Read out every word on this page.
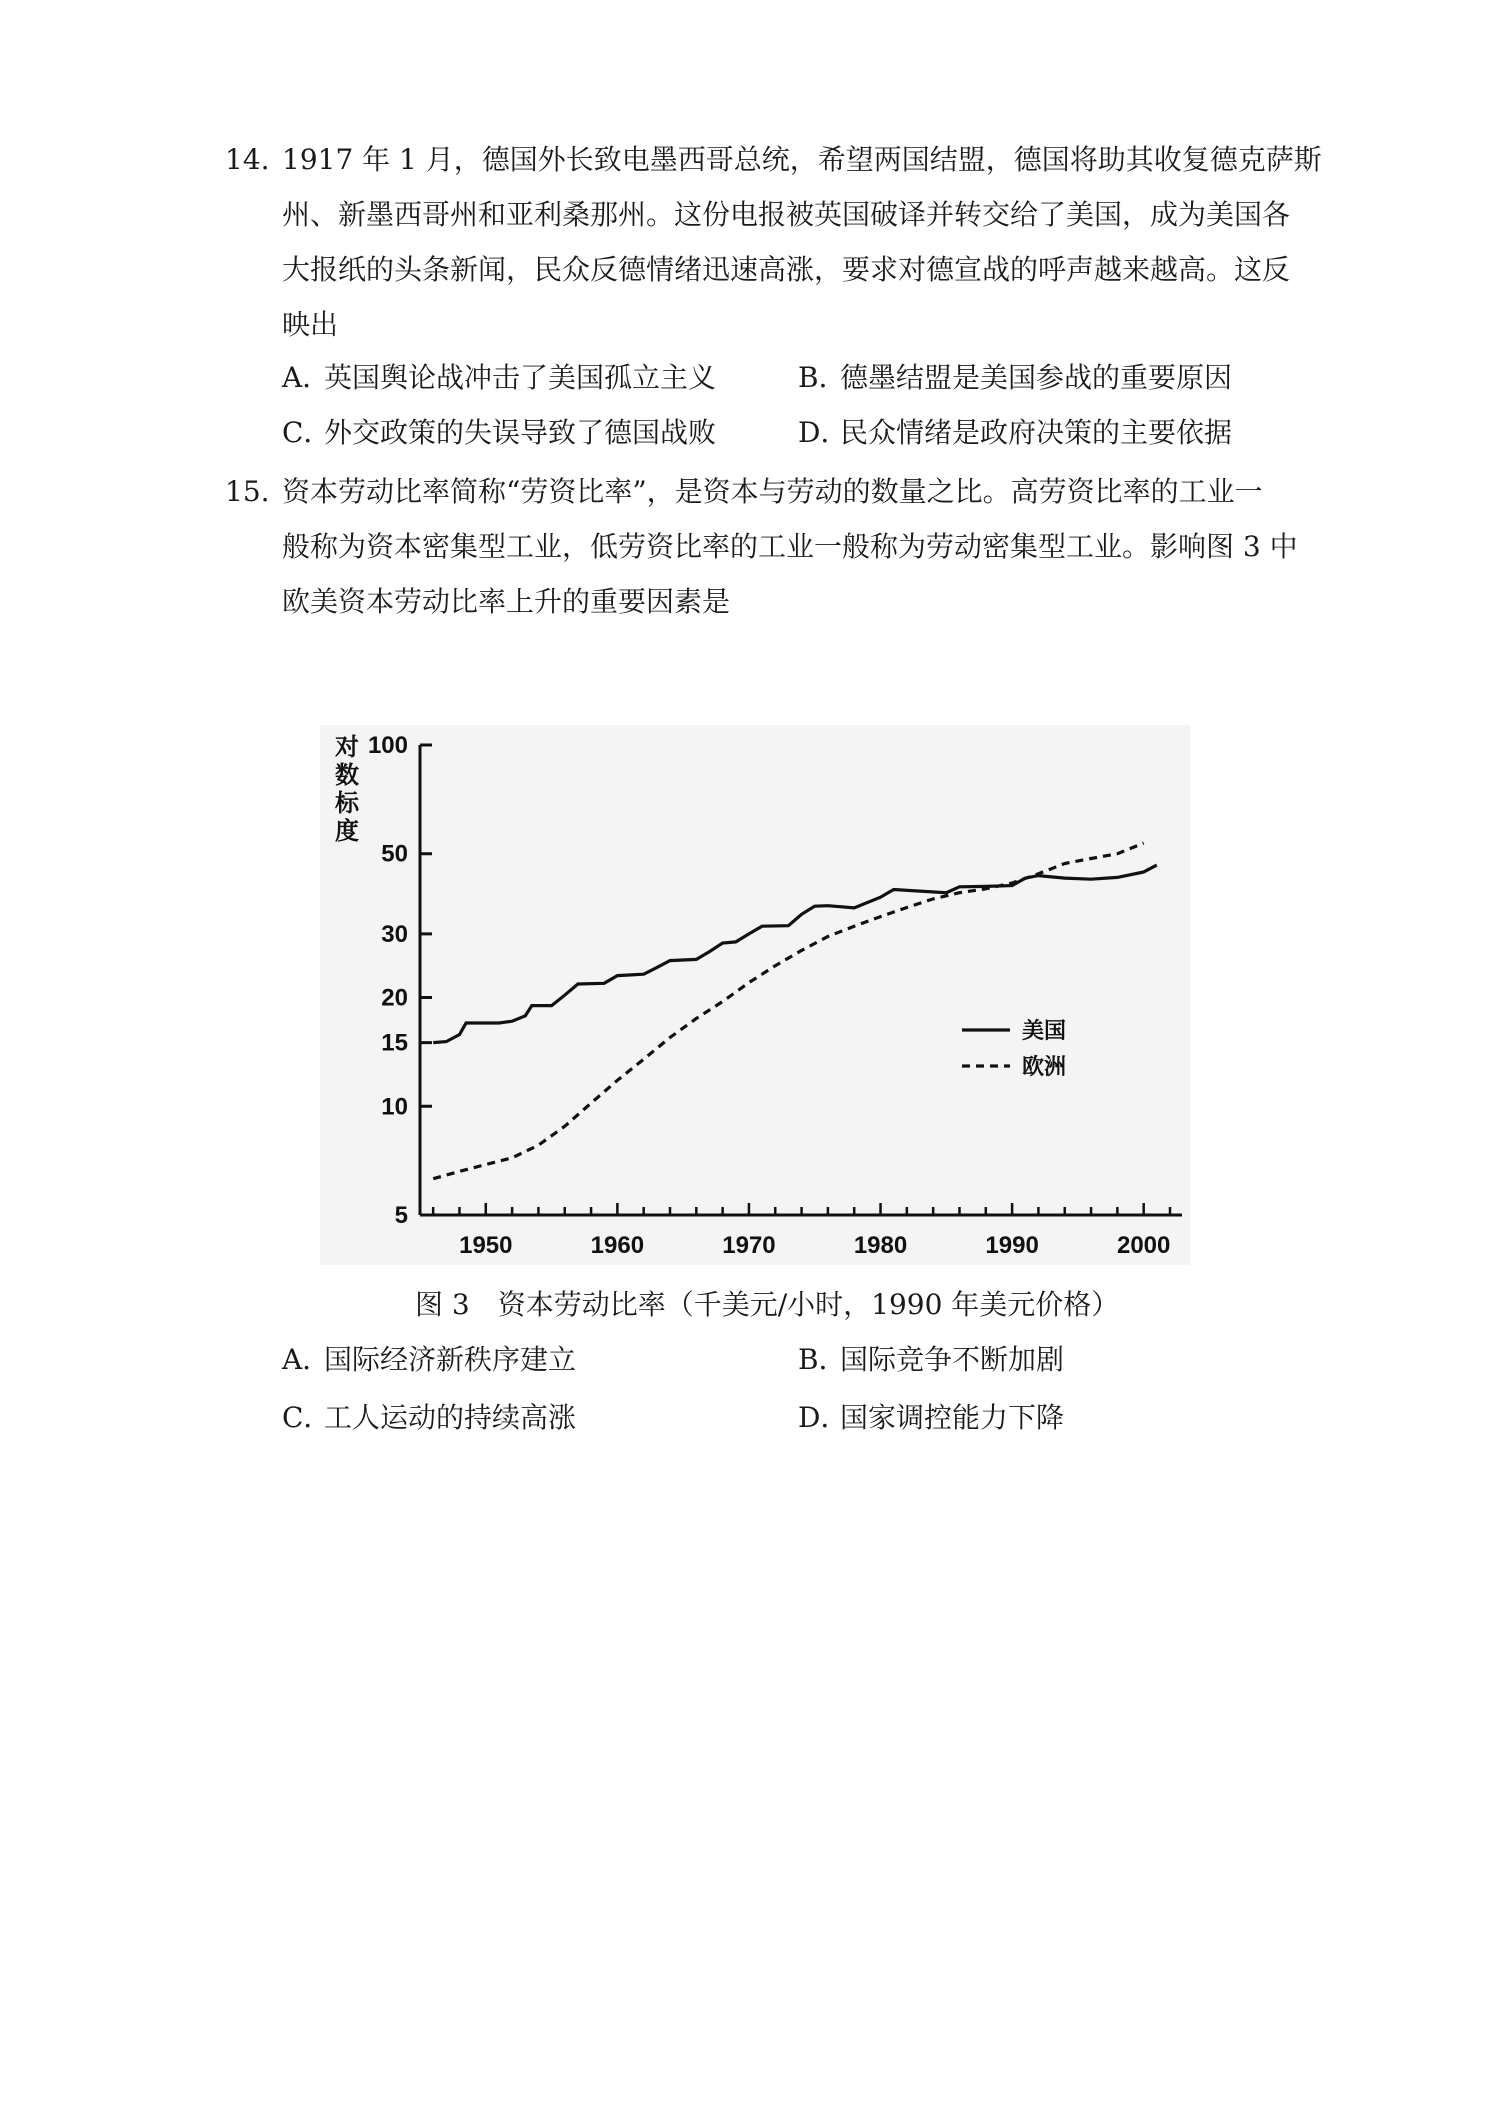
14. 1917 年 1 月，德国外长致电墨西哥总统，希望两国结盟，德国将助其收复德克萨斯
州、新墨西哥州和亚利桑那州。这份电报被英国破译并转交给了美国，成为美国各
大报纸的头条新闻，民众反德情绪迅速高涨，要求对德宣战的呼声越来越高。这反
映出
A．英国舆论战冲击了美国孤立主义	B．德墨结盟是美国参战的重要原因
C．外交政策的失误导致了德国战败	D．民众情绪是政府决策的主要依据
15. 资本劳动比率简称“劳资比率”，是资本与劳动的数量之比。高劳资比率的工业一
般称为资本密集型工业，低劳资比率的工业一般称为劳动密集型工业。影响图 3 中
欧美资本劳动比率上升的重要因素是
对数标度
5
10
15
20
30
50
100
1950	1960	1970	1980	1990	2000
美国
欧洲
图 3　资本劳动比率（千美元/小时，1990 年美元价格）
A．国际经济新秩序建立	B．国际竞争不断加剧
C．工人运动的持续高涨	D．国家调控能力下降
